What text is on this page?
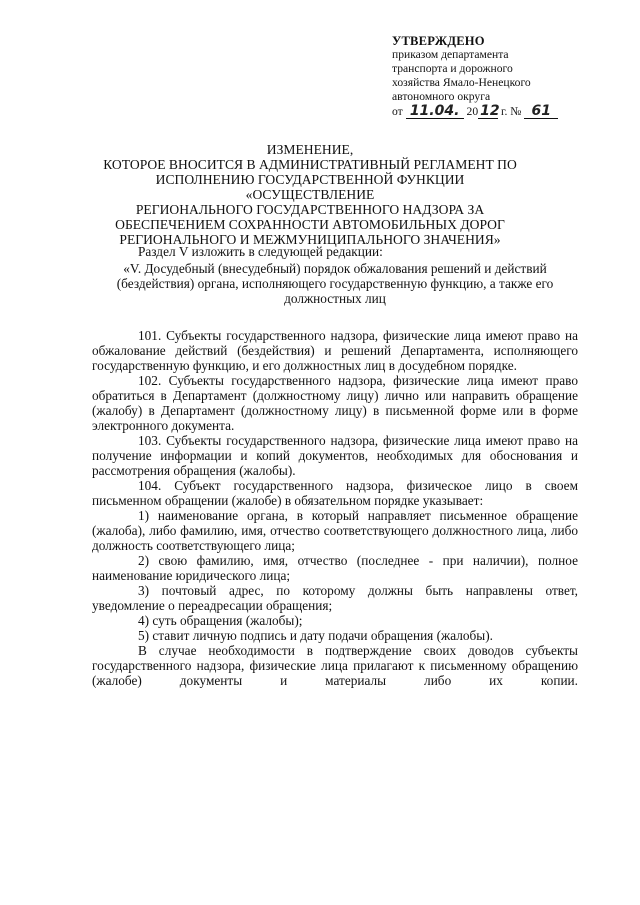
УТВЕРЖДЕНО
приказом департамента
транспорта и дорожного
хозяйства Ямало-Ненецкого
автономного округа
от 11.04. 20 12 г. № 61
ИЗМЕНЕНИЕ,
КОТОРОЕ ВНОСИТСЯ В АДМИНИСТРАТИВНЫЙ РЕГЛАМЕНТ ПО
ИСПОЛНЕНИЮ ГОСУДАРСТВЕННОЙ ФУНКЦИИ «ОСУЩЕСТВЛЕНИЕ
РЕГИОНАЛЬНОГО ГОСУДАРСТВЕННОГО НАДЗОРА ЗА
ОБЕСПЕЧЕНИЕМ СОХРАННОСТИ АВТОМОБИЛЬНЫХ ДОРОГ
РЕГИОНАЛЬНОГО И МЕЖМУНИЦИПАЛЬНОГО ЗНАЧЕНИЯ»

Раздел V изложить в следующей редакции:

«V. Досудебный (внесудебный) порядок обжалования решений и действий (бездействия) органа, исполняющего государственную функцию, а также его должностных лиц

101. Субъекты государственного надзора, физические лица имеют право на обжалование действий (бездействия) и решений Департамента, исполняющего государственную функцию, и его должностных лиц в досудебном порядке.

102. Субъекты государственного надзора, физические лица имеют право обратиться в Департамент (должностному лицу) лично или направить обращение (жалобу) в Департамент (должностному лицу) в письменной форме или в форме электронного документа.

103. Субъекты государственного надзора, физические лица имеют право на получение информации и копий документов, необходимых для обоснования и рассмотрения обращения (жалобы).

104. Субъект государственного надзора, физическое лицо в своем письменном обращении (жалобе) в обязательном порядке указывает:

1) наименование органа, в который направляет письменное обращение (жалоба), либо фамилию, имя, отчество соответствующего должностного лица, либо должность соответствующего лица;

2) свою фамилию, имя, отчество (последнее - при наличии), полное наименование юридического лица;

3) почтовый адрес, по которому должны быть направлены ответ, уведомление о переадресации обращения;

4) суть обращения (жалобы);

5) ставит личную подпись и дату подачи обращения (жалобы).

В случае необходимости в подтверждение своих доводов субъекты государственного надзора, физические лица прилагают к письменному обращению (жалобе) документы и материалы либо их копии.
